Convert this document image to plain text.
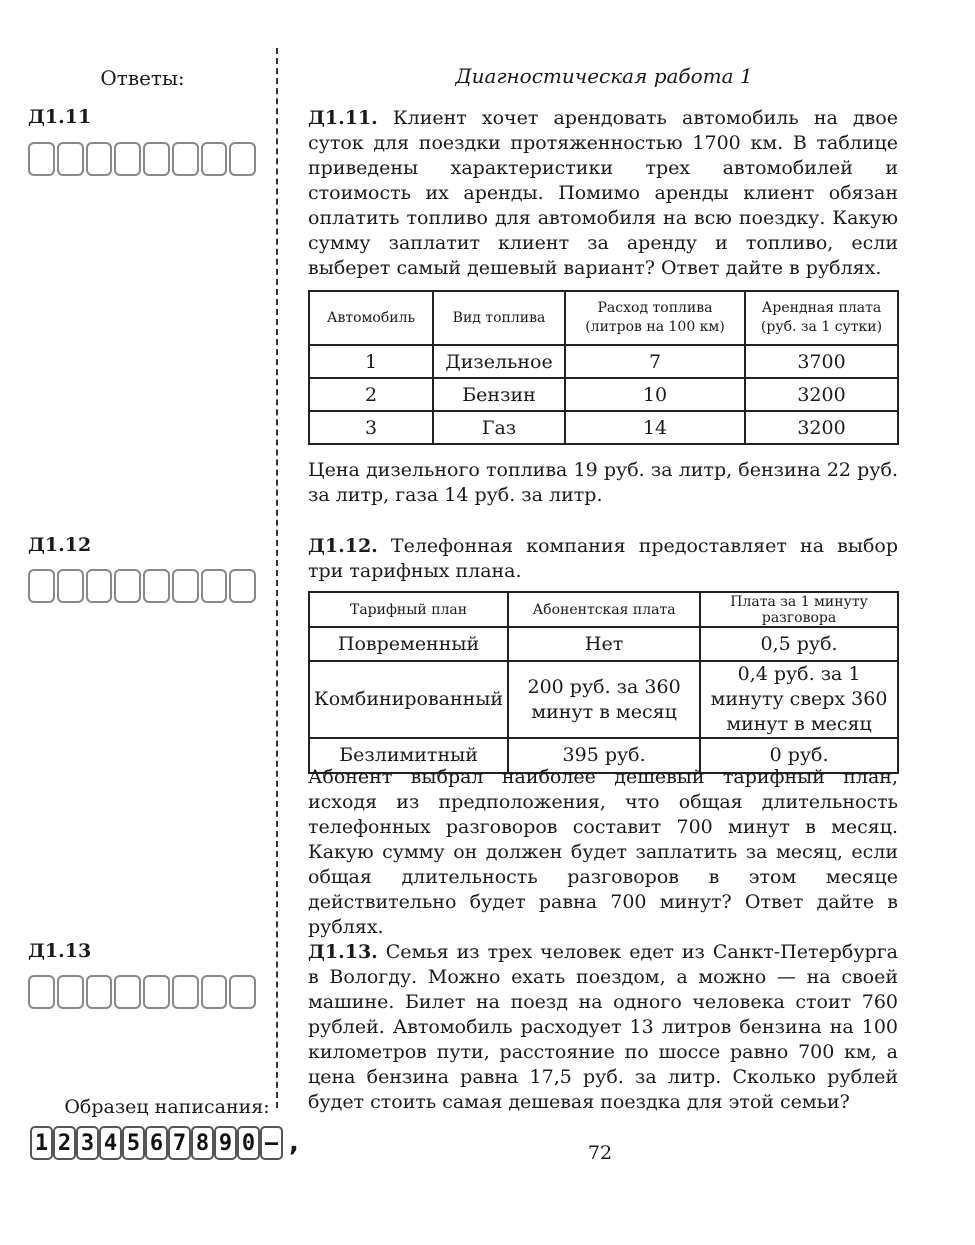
Ответы:
Д1.11
Д1.12
Д1.13
Образец написания:
1 2 3 4 5 6 7 8 9 0 – ,
Диагностическая работа 1
Д1.11. Клиент хочет арендовать автомобиль на двое суток для поездки протяженностью 1700 км. В таблице приведены характеристики трех автомобилей и стоимость их аренды. Помимо аренды клиент обязан оплатить топливо для автомобиля на всю поездку. Какую сумму заплатит клиент за аренду и топливо, если выберет самый дешевый вариант? Ответ дайте в рублях.
Автомобиль	Вид топлива	Расход топлива (литров на 100 км)	Арендная плата (руб. за 1 сутки)
1	Дизельное	7	3700
2	Бензин	10	3200
3	Газ	14	3200
Цена дизельного топлива 19 руб. за литр, бензина 22 руб. за литр, газа 14 руб. за литр.
Д1.12. Телефонная компания предоставляет на выбор три тарифных плана.
Тарифный план	Абонентская плата	Плата за 1 минуту разговора
Повременный	Нет	0,5 руб.
Комбинированный	200 руб. за 360 минут в месяц	0,4 руб. за 1 минуту сверх 360 минут в месяц
Безлимитный	395 руб.	0 руб.
Абонент выбрал наиболее дешевый тарифный план, исходя из предположения, что общая длительность телефонных разговоров составит 700 минут в месяц. Какую сумму он должен будет заплатить за месяц, если общая длительность разговоров в этом месяце действительно будет равна 700 минут? Ответ дайте в рублях.
Д1.13. Семья из трех человек едет из Санкт-Петербурга в Вологду. Можно ехать поездом, а можно — на своей машине. Билет на поезд на одного человека стоит 760 рублей. Автомобиль расходует 13 литров бензина на 100 километров пути, расстояние по шоссе равно 700 км, а цена бензина равна 17,5 руб. за литр. Сколько рублей будет стоить самая дешевая поездка для этой семьи?
72
